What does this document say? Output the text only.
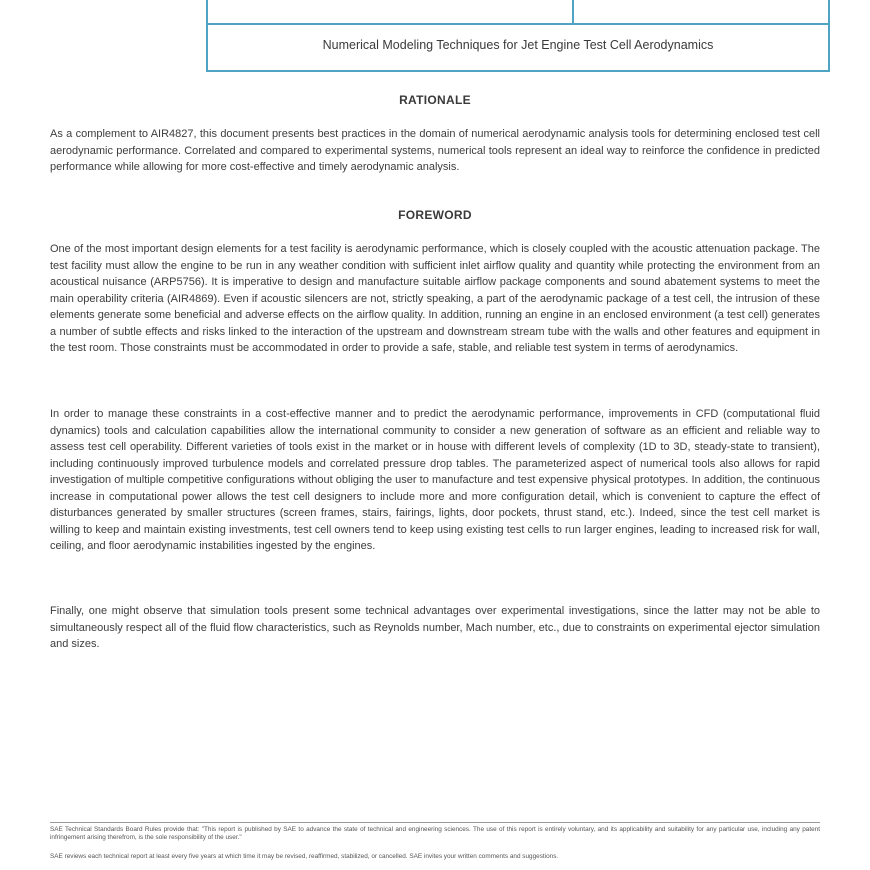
Numerical Modeling Techniques for Jet Engine Test Cell Aerodynamics
RATIONALE

As a complement to AIR4827, this document presents best practices in the domain of numerical aerodynamic analysis tools for determining enclosed test cell aerodynamic performance. Correlated and compared to experimental systems, numerical tools represent an ideal way to reinforce the confidence in predicted performance while allowing for more cost-effective and timely aerodynamic analysis.

FOREWORD

One of the most important design elements for a test facility is aerodynamic performance, which is closely coupled with the acoustic attenuation package. The test facility must allow the engine to be run in any weather condition with sufficient inlet airflow quality and quantity while protecting the environment from an acoustical nuisance (ARP5756). It is imperative to design and manufacture suitable airflow package components and sound abatement systems to meet the main operability criteria (AIR4869). Even if acoustic silencers are not, strictly speaking, a part of the aerodynamic package of a test cell, the intrusion of these elements generate some beneficial and adverse effects on the airflow quality. In addition, running an engine in an enclosed environment (a test cell) generates a number of subtle effects and risks linked to the interaction of the upstream and downstream stream tube with the walls and other features and equipment in the test room. Those constraints must be accommodated in order to provide a safe, stable, and reliable test system in terms of aerodynamics.

In order to manage these constraints in a cost-effective manner and to predict the aerodynamic performance, improvements in CFD (computational fluid dynamics) tools and calculation capabilities allow the international community to consider a new generation of software as an efficient and reliable way to assess test cell operability. Different varieties of tools exist in the market or in house with different levels of complexity (1D to 3D, steady-state to transient), including continuously improved turbulence models and correlated pressure drop tables. The parameterized aspect of numerical tools also allows for rapid investigation of multiple competitive configurations without obliging the user to manufacture and test expensive physical prototypes. In addition, the continuous increase in computational power allows the test cell designers to include more and more configuration detail, which is convenient to capture the effect of disturbances generated by smaller structures (screen frames, stairs, fairings, lights, door pockets, thrust stand, etc.). Indeed, since the test cell market is willing to keep and maintain existing investments, test cell owners tend to keep using existing test cells to run larger engines, leading to increased risk for wall, ceiling, and floor aerodynamic instabilities ingested by the engines.

Finally, one might observe that simulation tools present some technical advantages over experimental investigations, since the latter may not be able to simultaneously respect all of the fluid flow characteristics, such as Reynolds number, Mach number, etc., due to constraints on experimental ejector simulation and sizes.

SAE Technical Standards Board Rules provide that: "This report is published by SAE to advance the state of technical and engineering sciences. The use of this report is entirely voluntary, and its applicability and suitability for any particular use, including any patent infringement arising therefrom, is the sole responsibility of the user."

SAE reviews each technical report at least every five years at which time it may be revised, reaffirmed, stabilized, or cancelled. SAE invites your written comments and suggestions.
